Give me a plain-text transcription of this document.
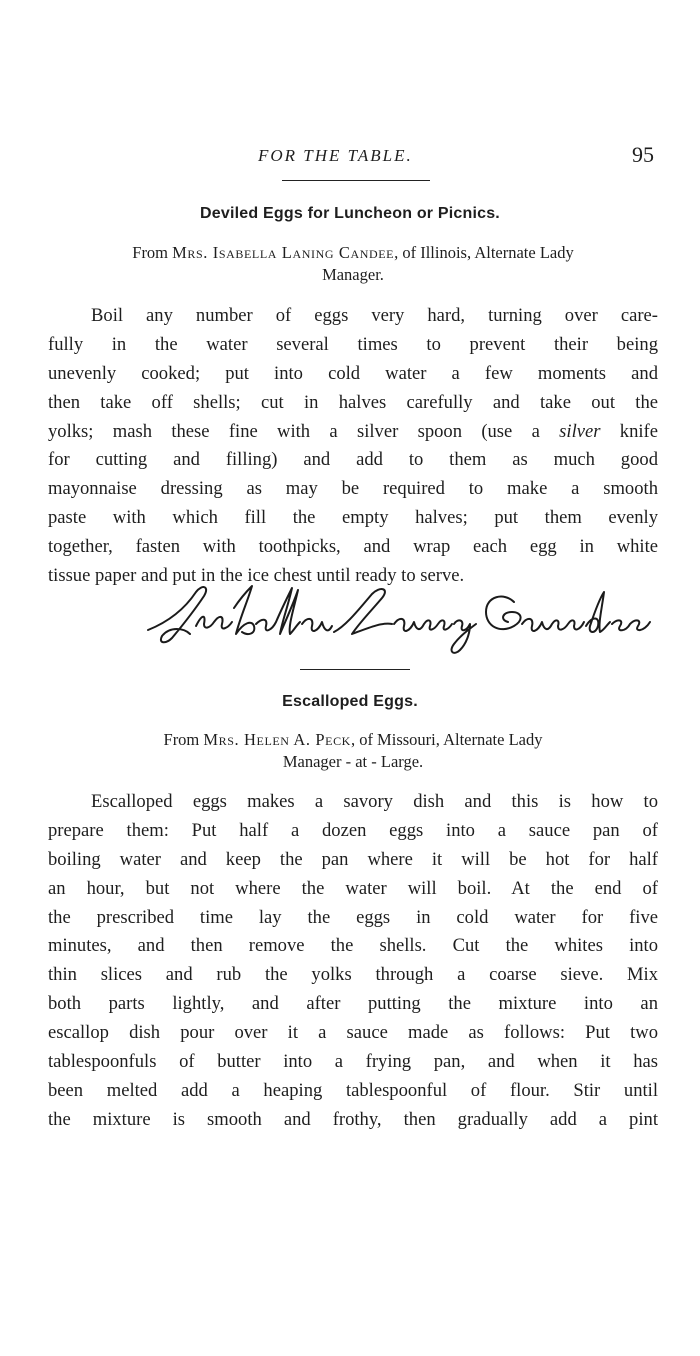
FOR THE TABLE.	95
Deviled Eggs for Luncheon or Picnics.
From Mrs. Isabella Laning Candee, of Illinois, Alternate Lady
Manager.
Boil any number of eggs very hard, turning over care-
fully in the water several times to prevent their being
unevenly cooked; put into cold water a few moments and
then take off shells; cut in halves carefully and take out the
yolks; mash these fine with a silver spoon (use a silver knife
for cutting and filling) and add to them as much good
mayonnaise dressing as may be required to make a smooth
paste with which fill the empty halves; put them evenly
together, fasten with toothpicks, and wrap each egg in white
tissue paper and put in the ice chest until ready to serve.
Escalloped Eggs.
From Mrs. Helen A. Peck, of Missouri, Alternate Lady
Manager - at - Large.
Escalloped eggs makes a savory dish and this is how to
prepare them: Put half a dozen eggs into a sauce pan of
boiling water and keep the pan where it will be hot for half
an hour, but not where the water will boil. At the end of
the prescribed time lay the eggs in cold water for five
minutes, and then remove the shells. Cut the whites into
thin slices and rub the yolks through a coarse sieve. Mix
both parts lightly, and after putting the mixture into an
escallop dish pour over it a sauce made as follows: Put two
tablespoonfuls of butter into a frying pan, and when it has
been melted add a heaping tablespoonful of flour. Stir until
the mixture is smooth and frothy, then gradually add a pint
